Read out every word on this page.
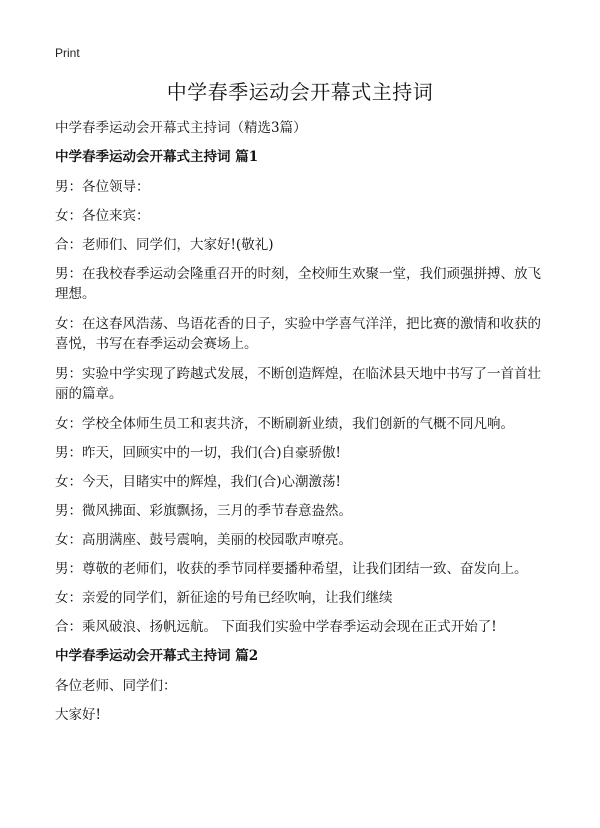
Print
中学春季运动会开幕式主持词

中学春季运动会开幕式主持词（精选3篇）

中学春季运动会开幕式主持词 篇1

男：各位领导：

女：各位来宾：

合：老师们、同学们，大家好!(敬礼)

男：在我校春季运动会隆重召开的时刻，全校师生欢聚一堂，我们顽强拼搏、放飞理想。

女：在这春风浩荡、鸟语花香的日子，实验中学喜气洋洋，把比赛的激情和收获的喜悦，书写在春季运动会赛场上。

男：实验中学实现了跨越式发展，不断创造辉煌，在临沭县天地中书写了一首首壮丽的篇章。

女：学校全体师生员工和衷共济，不断刷新业绩，我们创新的气概不同凡响。

男：昨天，回顾实中的一切，我们(合)自豪骄傲!

女：今天，目睹实中的辉煌，我们(合)心潮激荡!

男：微风拂面、彩旗飘扬，三月的季节春意盎然。

女：高朋满座、鼓号震响，美丽的校园歌声嘹亮。

男：尊敬的老师们，收获的季节同样要播种希望，让我们团结一致、奋发向上。

女：亲爱的同学们，新征途的号角已经吹响，让我们继续

合：乘风破浪、扬帆远航。 下面我们实验中学春季运动会现在正式开始了!

中学春季运动会开幕式主持词 篇2

各位老师、同学们：

大家好!
